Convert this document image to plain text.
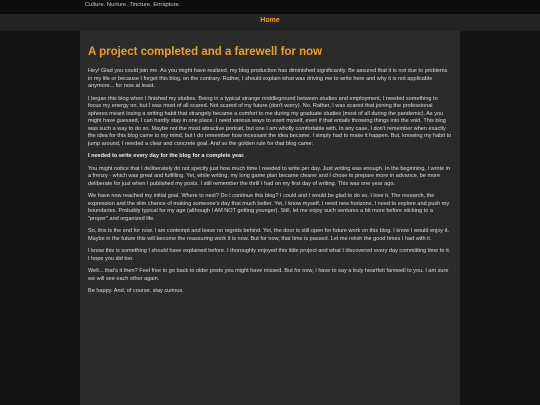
Culture. Nurture. Tincture. Enrapture.
Home
A project completed and a farewell for now

Hey! Glad you could join me. As you might have realized, my blog production has diminished significantly. Be assured that it is not due to problems in my life or because I forget this blog, on the contrary. Rather, I should explain what was driving me to write here and why it is not applicable anymore... for now at least.

I began this blog when I finished my studies. Being in a typical strange middleground between studies and employment, I needed something to focus my energy on, but I was most of all scared. Not scared of my future (don't worry). No. Rather, I was scared that joining the professional spheres meant losing a writing habit that strangely became a comfort to me during my graduate studies (most of all during the pandemic). As you might have guessed, I can hardly stay in one place. I need various ways to exert myself, even if that entails throwing things into the void. This blog was such a way to do so. Maybe not the most attractive portrait, but one I am wholly comfortable with. In any case, I don't remember when exactly the idea for this blog came to my mind, but I do remember how incessant the idea became. I simply had to make it happen. But, knowing my habit to jump around, I needed a clear and concrete goal. And so the golden rule for that blog came:

I needed to write every day for the blog for a complete year.

You might notice that I deliberately do not specify just how much time I needed to write per day. Just writing was enough. In the beginning, I wrote in a frenzy - which was great and fulfilling. Yet, while writing, my long game plan became clearer and I chose to prepare more in advance, be more deliberate for just when I published my posts. I still remember the thrill I had on my first day of writing. This was one year ago.

We have now reached my initial goal. Where to next? Do I continue this blog? I could and I would be glad to do so. I love it. The research, the expression and the slim chance of making someone's day that much better. Yet, I know myself. I need new horizons. I need to explore and push my boundaries. Probably typical for my age (although I AM NOT getting younger). Still, let me enjoy such ventures a bit more before sticking to a "proper" and organized life.

So, this is the end for now. I am contempt and leave no regrets behind. Yet, the door is still open for future work on this blog. I know I would enjoy it. Maybe in the future this will become the reassuring work it is now. But for now, that time is passed. Let me relish the good times I had with it.

I know this is something I should have explained before. I thoroughly enjoyed this little project and what I discovered every day committing time to it. I hope you did too.

Well... that's it then? Feel free to go back to older posts you might have missed. But for now, I have to say a truly heartfelt farewell to you. I am sure we will see each other again.

Be happy. And, of course, stay curious.
